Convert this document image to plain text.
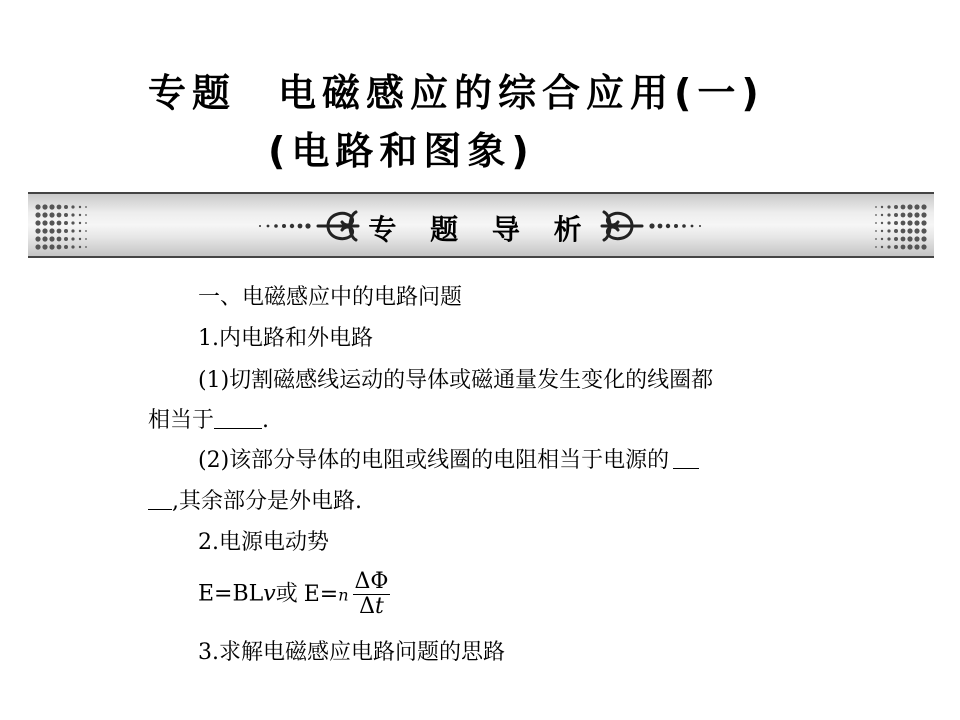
专题 电磁感应的综合应用(一)
(电路和图象)
专 题 导 析
一、电磁感应中的电路问题
1.内电路和外电路
(1)切割磁感线运动的导体或磁通量发生变化的线圈都
相当于 .
(2)该部分导体的电阻或线圈的电阻相当于电源的
,其余部分是外电路.
2.电源电动势
E=BLv或 $E=n \frac{\Delta\Phi}{\Delta t}$
3.求解电磁感应电路问题的思路
